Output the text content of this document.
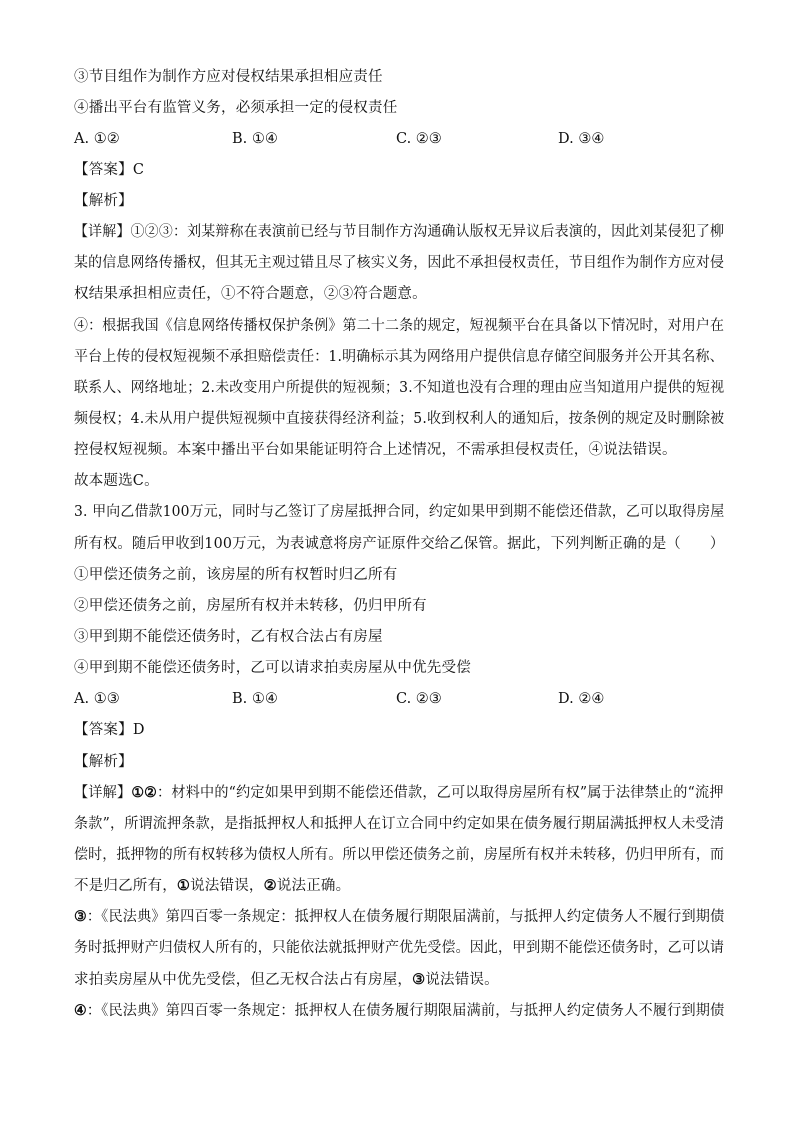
③节目组作为制作方应对侵权结果承担相应责任
④播出平台有监管义务，必须承担一定的侵权责任
A. ①②	B. ①④	C. ②③	D. ③④
【答案】C
【解析】
【详解】①②③：刘某辩称在表演前已经与节目制作方沟通确认版权无异议后表演的，因此刘某侵犯了柳
某的信息网络传播权，但其无主观过错且尽了核实义务，因此不承担侵权责任，节目组作为制作方应对侵
权结果承担相应责任，①不符合题意，②③符合题意。
④：根据我国《信息网络传播权保护条例》第二十二条的规定，短视频平台在具备以下情况时，对用户在
平台上传的侵权短视频不承担赔偿责任：1.明确标示其为网络用户提供信息存储空间服务并公开其名称、
联系人、网络地址；2.未改变用户所提供的短视频；3.不知道也没有合理的理由应当知道用户提供的短视
频侵权；4.未从用户提供短视频中直接获得经济利益；5.收到权利人的通知后，按条例的规定及时删除被
控侵权短视频。本案中播出平台如果能证明符合上述情况，不需承担侵权责任，④说法错误。
故本题选C。
3. 甲向乙借款100万元，同时与乙签订了房屋抵押合同，约定如果甲到期不能偿还借款，乙可以取得房屋
所有权。随后甲收到100万元，为表诚意将房产证原件交给乙保管。据此，下列判断正确的是（　　）
①甲偿还债务之前，该房屋的所有权暂时归乙所有
②甲偿还债务之前，房屋所有权并未转移，仍归甲所有
③甲到期不能偿还债务时，乙有权合法占有房屋
④甲到期不能偿还债务时，乙可以请求拍卖房屋从中优先受偿
A. ①③	B. ①④	C. ②③	D. ②④
【答案】D
【解析】
【详解】①②：材料中的“约定如果甲到期不能偿还借款，乙可以取得房屋所有权”属于法律禁止的“流押
条款”，所谓流押条款，是指抵押权人和抵押人在订立合同中约定如果在债务履行期届满抵押权人未受清
偿时，抵押物的所有权转移为债权人所有。所以甲偿还债务之前，房屋所有权并未转移，仍归甲所有，而
不是归乙所有，①说法错误，②说法正确。
③：《民法典》第四百零一条规定：抵押权人在债务履行期限届满前，与抵押人约定债务人不履行到期债
务时抵押财产归债权人所有的，只能依法就抵押财产优先受偿。因此，甲到期不能偿还债务时，乙可以请
求拍卖房屋从中优先受偿，但乙无权合法占有房屋，③说法错误。
④：《民法典》第四百零一条规定：抵押权人在债务履行期限届满前，与抵押人约定债务人不履行到期债
